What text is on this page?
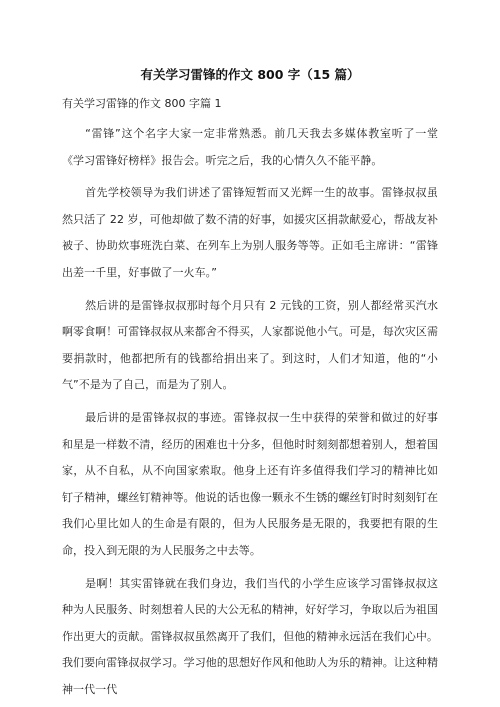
有关学习雷锋的作文 800 字（15 篇）
有关学习雷锋的作文 800 字篇 1

“雷锋”这个名字大家一定非常熟悉。前几天我去多媒体教室听了一堂《学习雷锋好榜样》报告会。听完之后，我的心情久久不能平静。

首先学校领导为我们讲述了雷锋短暂而又光辉一生的故事。雷锋叔叔虽然只活了 22 岁，可他却做了数不清的好事，如援灾区捐款献爱心，帮战友补被子、协助炊事班洗白菜、在列车上为别人服务等等。正如毛主席讲：“雷锋出差一千里，好事做了一火车。”

然后讲的是雷锋叔叔那时每个月只有 2 元钱的工资，别人都经常买汽水啊零食啊！可雷锋叔叔从来都舍不得买，人家都说他小气。可是，每次灾区需要捐款时，他都把所有的钱都给捐出来了。到这时，人们才知道，他的“小气”不是为了自己，而是为了别人。

最后讲的是雷锋叔叔的事迹。雷锋叔叔一生中获得的荣誉和做过的好事和星是一样数不清，经历的困难也十分多，但他时时刻刻都想着别人，想着国家，从不自私，从不向国家索取。他身上还有许多值得我们学习的精神比如 钉子精神，螺丝钉精神等。他说的话也像一颗永不生锈的螺丝钉时时刻刻钉在我们心里比如人的生命是有限的，但为人民服务是无限的，我要把有限的生命，投入到无限的为人民服务之中去等。

是啊！其实雷锋就在我们身边，我们当代的小学生应该学习雷锋叔叔这种为人民服务、时刻想着人民的大公无私的精神，好好学习，争取以后为祖国作出更大的贡献。雷锋叔叔虽然离开了我们，但他的精神永远活在我们心中。我们要向雷锋叔叔学习。学习他的思想好作风和他助人为乐的精神。让这种精神一代一代
